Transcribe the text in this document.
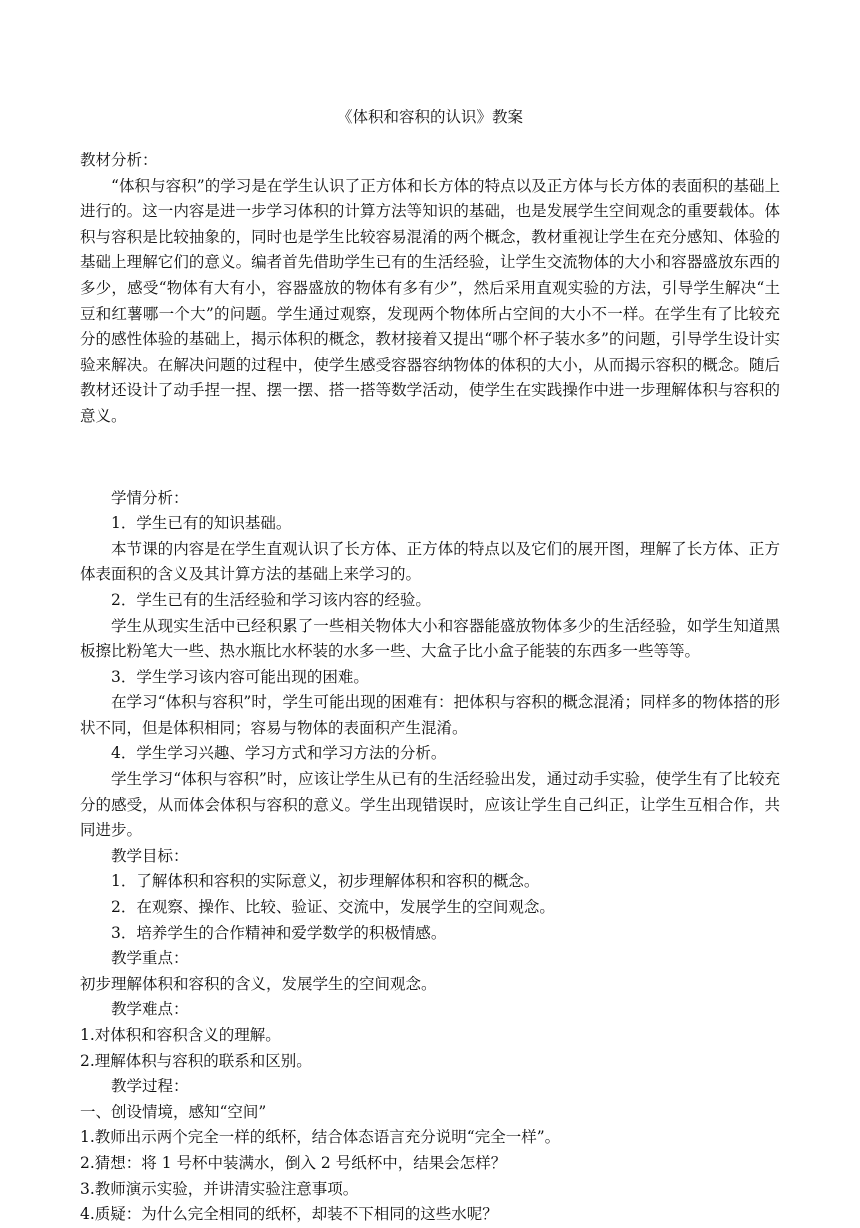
《体积和容积的认识》教案

教材分析：

“体积与容积”的学习是在学生认识了正方体和长方体的特点以及正方体与长方体的表面积的基础上进行的。这一内容是进一步学习体积的计算方法等知识的基础，也是发展学生空间观念的重要载体。体积与容积是比较抽象的，同时也是学生比较容易混淆的两个概念，教材重视让学生在充分感知、体验的基础上理解它们的意义。编者首先借助学生已有的生活经验，让学生交流物体的大小和容器盛放东西的多少，感受“物体有大有小，容器盛放的物体有多有少”，然后采用直观实验的方法，引导学生解决“土豆和红薯哪一个大”的问题。学生通过观察，发现两个物体所占空间的大小不一样。在学生有了比较充分的感性体验的基础上，揭示体积的概念，教材接着又提出“哪个杯子装水多”的问题，引导学生设计实验来解决。在解决问题的过程中，使学生感受容器容纳物体的体积的大小，从而揭示容积的概念。随后教材还设计了动手捏一捏、摆一摆、搭一搭等数学活动，使学生在实践操作中进一步理解体积与容积的意义。

学情分析：

1．学生已有的知识基础。

本节课的内容是在学生直观认识了长方体、正方体的特点以及它们的展开图，理解了长方体、正方体表面积的含义及其计算方法的基础上来学习的。

2．学生已有的生活经验和学习该内容的经验。

学生从现实生活中已经积累了一些相关物体大小和容器能盛放物体多少的生活经验，如学生知道黑板擦比粉笔大一些、热水瓶比水杯装的水多一些、大盒子比小盒子能装的东西多一些等等。

3．学生学习该内容可能出现的困难。

在学习“体积与容积”时，学生可能出现的困难有：把体积与容积的概念混淆；同样多的物体搭的形状不同，但是体积相同；容易与物体的表面积产生混淆。

4．学生学习兴趣、学习方式和学习方法的分析。

学生学习“体积与容积”时，应该让学生从已有的生活经验出发，通过动手实验，使学生有了比较充分的感受，从而体会体积与容积的意义。学生出现错误时，应该让学生自己纠正，让学生互相合作，共同进步。

教学目标：

1．了解体积和容积的实际意义，初步理解体积和容积的概念。

2．在观察、操作、比较、验证、交流中，发展学生的空间观念。

3．培养学生的合作精神和爱学数学的积极情感。

教学重点：

初步理解体积和容积的含义，发展学生的空间观念。

教学难点：

1.对体积和容积含义的理解。

2.理解体积与容积的联系和区别。

教学过程：

一、创设情境，感知“空间”

1.教师出示两个完全一样的纸杯，结合体态语言充分说明“完全一样”。

2.猜想：将 1 号杯中装满水，倒入 2 号纸杯中，结果会怎样？

3.教师演示实验，并讲清实验注意事项。

4.质疑：为什么完全相同的纸杯，却装不下相同的这些水呢？
